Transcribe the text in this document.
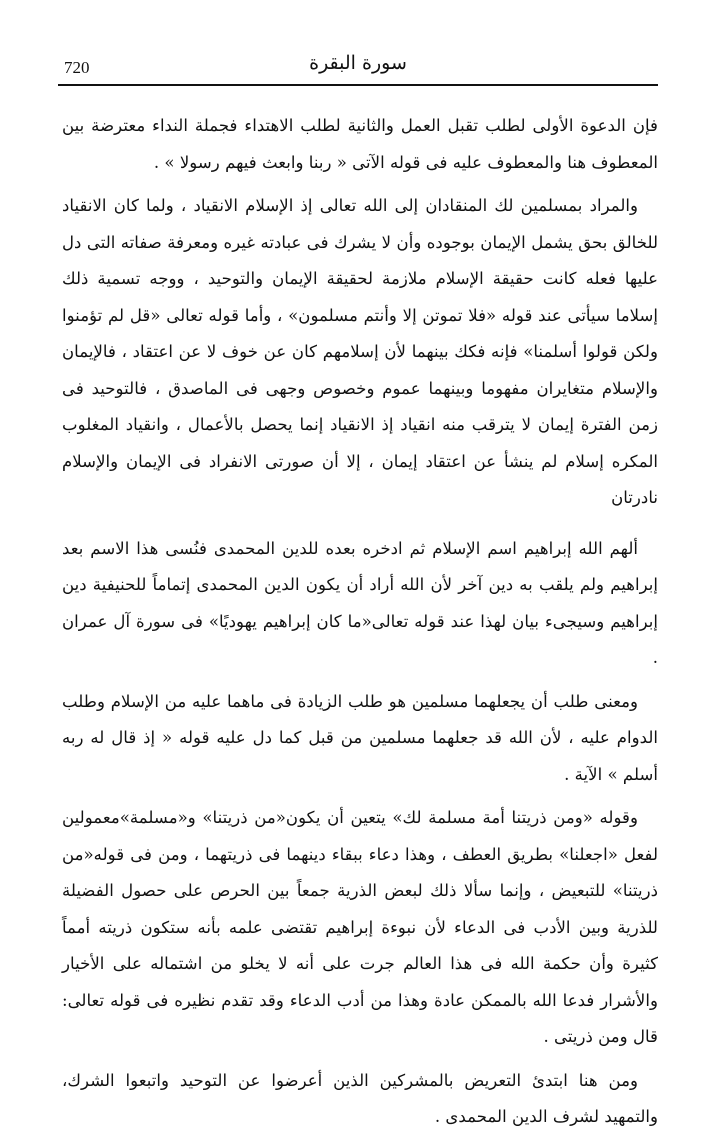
720	سورة البقرة

فإن الدعوة الأولى لطلب تقبل العمل والثانية لطلب الاهتداء فجملة النداء معترضة بين المعطوف هنا والمعطوف عليه فى قوله الآتى « ربنا وابعث فيهم رسولا » .

والمراد بمسلمين لك المنقادان إلى الله تعالى إذ الإسلام الانقياد ، ولما كان الانقياد للخالق بحق يشمل الإيمان بوجوده وأن لا يشرك فى عبادته غيره ومعرفة صفاته التى دل عليها فعله كانت حقيقة الإسلام ملازمة لحقيقة الإيمان والتوحيد ، ووجه تسمية ذلك إسلاما سيأتى عند قوله «فلا تموتن إلا وأنتم مسلمون» ، وأما قوله تعالى «قل لم تؤمنوا ولكن قولوا أسلمنا» فإنه فكك بينهما لأن إسلامهم كان عن خوف لا عن اعتقاد ، فالإيمان والإسلام متغايران مفهوما وبينهما عموم وخصوص وجهى فى الماصدق ، فالتوحيد فى زمن الفترة إيمان لا يترقب منه انقياد إذ الانقياد إنما يحصل بالأعمال ، وانقياد المغلوب المكره إسلام لم ينشأ عن اعتقاد إيمان ، إلا أن صورتى الانفراد فى الإيمان والإسلام نادرتان

ألهم الله إبراهيم اسم الإسلام ثم ادخره بعده للدين المحمدى فنُسى هذا الاسم بعد إبراهيم ولم يلقب به دين آخر لأن الله أراد أن يكون الدين المحمدى إتماماً للحنيفية دين إبراهيم وسيجىء بيان لهذا عند قوله تعالى«ما كان إبراهيم يهوديًا» فى سورة آل عمران .

ومعنى طلب أن يجعلهما مسلمين هو طلب الزيادة فى ماهما عليه من الإسلام وطلب الدوام عليه ، لأن الله قد جعلهما مسلمين من قبل كما دل عليه قوله « إذ قال له ربه أسلم » الآية .

وقوله «ومن ذريتنا أمة مسلمة لك» يتعين أن يكون«من ذريتنا» و«مسلمة»معمولين لفعل «اجعلنا» بطريق العطف ، وهذا دعاء ببقاء دينهما فى ذريتهما ، ومن فى قوله«من ذريتنا» للتبعيض ، وإنما سألا ذلك لبعض الذرية جمعاً بين الحرص على حصول الفضيلة للذرية وبين الأدب فى الدعاء لأن نبوءة إبراهيم تقتضى علمه بأنه ستكون ذريته أمماً كثيرة وأن حكمة الله فى هذا العالم جرت على أنه لا يخلو من اشتماله على الأخيار والأشرار فدعا الله بالممكن عادة وهذا من أدب الدعاء وقد تقدم نظيره فى قوله تعالى: قال ومن ذريتى .

ومن هنا ابتدئ التعريض بالمشركين الذين أعرضوا عن التوحيد واتبعوا الشرك، والتمهيد لشرف الدين المحمدى .
